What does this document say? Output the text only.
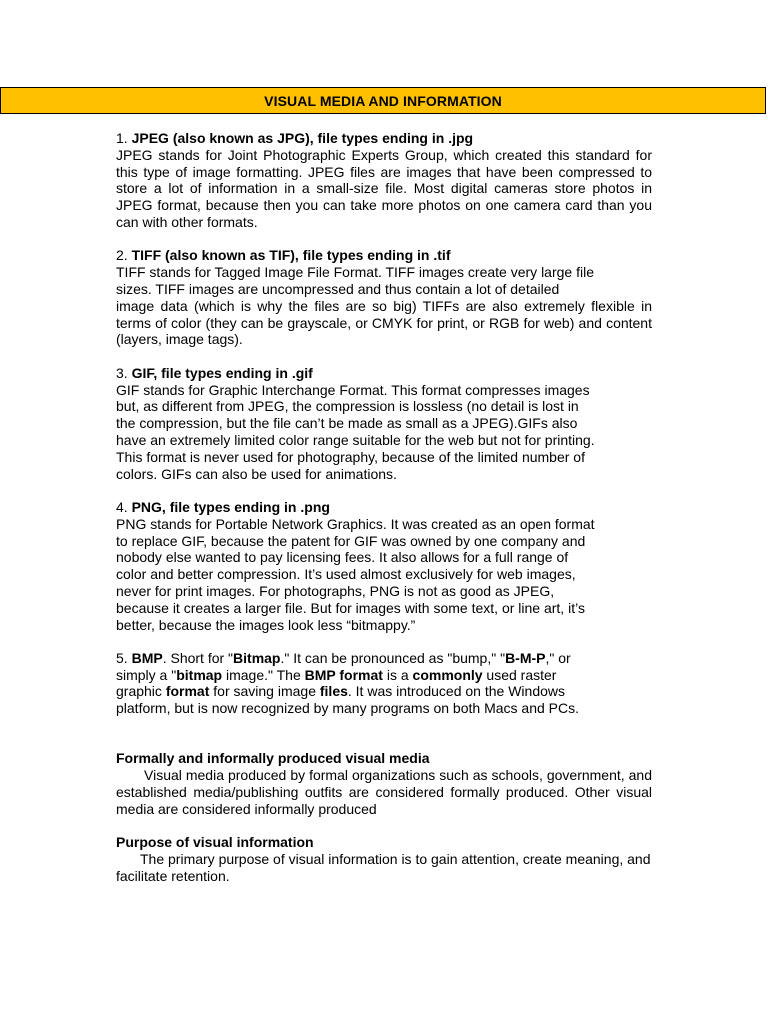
VISUAL MEDIA AND INFORMATION

1. JPEG (also known as JPG), file types ending in .jpg

JPEG stands for Joint Photographic Experts Group, which created this standard for this type of image formatting. JPEG files are images that have been compressed to store a lot of information in a small-size file. Most digital cameras store photos in JPEG format, because then you can take more photos on one camera card than you can with other formats.

2. TIFF (also known as TIF), file types ending in .tif

TIFF stands for Tagged Image File Format. TIFF images create very large file

sizes. TIFF images are uncompressed and thus contain a lot of detailed

image data (which is why the files are so big) TIFFs are also extremely flexible in terms of color (they can be grayscale, or CMYK for print, or RGB for web) and content (layers, image tags).

3. GIF, file types ending in .gif

GIF stands for Graphic Interchange Format. This format compresses images

but, as different from JPEG, the compression is lossless (no detail is lost in

the compression, but the file can’t be made as small as a JPEG).GIFs also

have an extremely limited color range suitable for the web but not for printing.

This format is never used for photography, because of the limited number of

colors. GIFs can also be used for animations.

4. PNG, file types ending in .png

PNG stands for Portable Network Graphics. It was created as an open format

to replace GIF, because the patent for GIF was owned by one company and

nobody else wanted to pay licensing fees. It also allows for a full range of

color and better compression. It’s used almost exclusively for web images,

never for print images. For photographs, PNG is not as good as JPEG,

because it creates a larger file. But for images with some text, or line art, it’s

better, because the images look less “bitmappy.”

5. BMP. Short for "Bitmap." It can be pronounced as "bump," "B-M-P," or

simply a "bitmap image." The BMP format is a commonly used raster

graphic format for saving image files. It was introduced on the Windows

platform, but is now recognized by many programs on both Macs and PCs.

Formally and informally produced visual media

Visual media produced by formal organizations such as schools, government, and established media/publishing outfits are considered formally produced. Other visual media are considered informally produced

Purpose of visual information

The primary purpose of visual information is to gain attention, create meaning, and

facilitate retention.
